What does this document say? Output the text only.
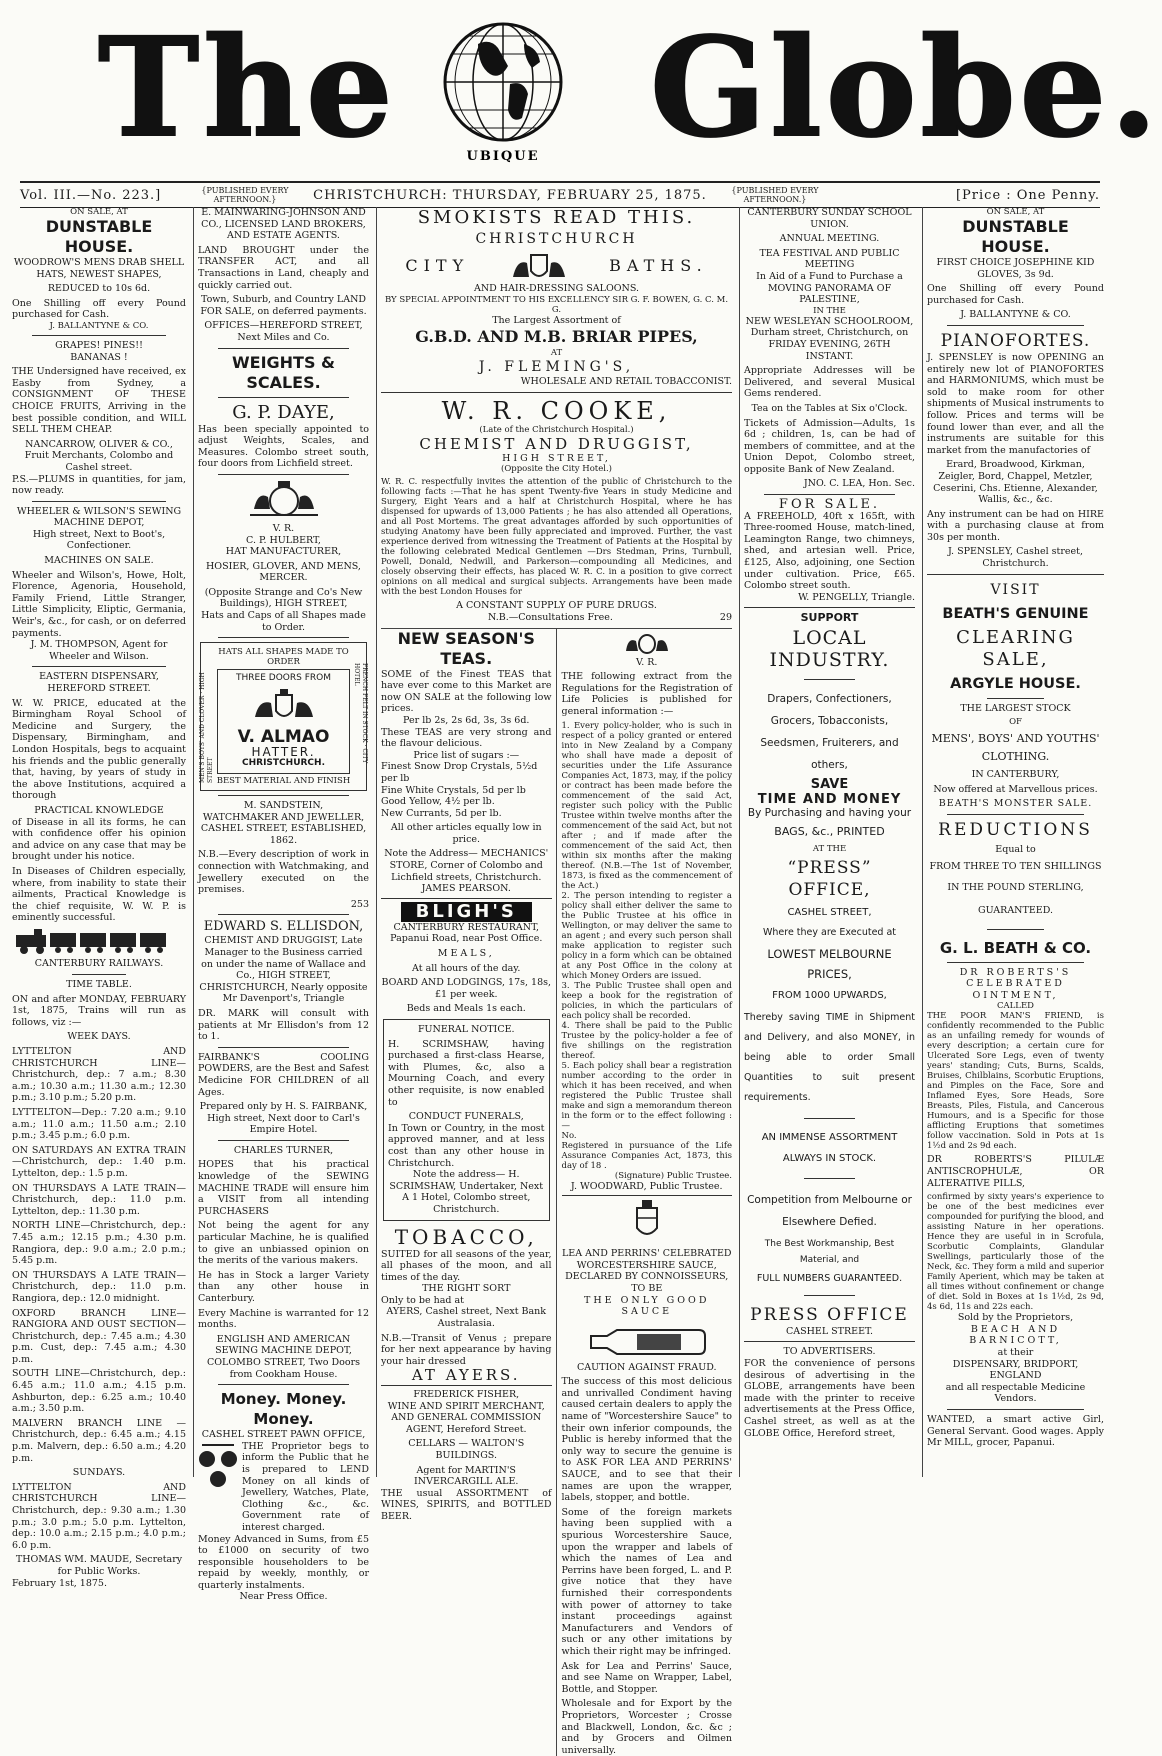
The	UBIQUE Globe.
Vol. III.—No. 223.]	{PUBLISHED EVERY AFTERNOON.}	CHRISTCHURCH: THURSDAY, FEBRUARY 25, 1875.	{PUBLISHED EVERY AFTERNOON.}	[Price : One Penny.
ON SALE, AT
DUNSTABLE HOUSE.
WOODROW'S MENS DRAB SHELL HATS, NEWEST SHAPES,
REDUCED to 10s 6d.
One Shilling off every Pound purchased for Cash.
J. BALLANTYNE & CO.
GRAPES! PINES!!
BANANAS !
THE Undersigned have received, ex Easby from Sydney, a CONSIGNMENT OF THESE CHOICE FRUITS, Arriving in the best possible condition, and WILL SELL THEM CHEAP.
NANCARROW, OLIVER & CO., Fruit Merchants, Colombo and Cashel street.
P.S.—PLUMS in quantities, for jam, now ready.
WHEELER & WILSON'S SEWING MACHINE DEPOT,
High street, Next to Boot's, Confectioner.
MACHINES ON SALE.
Wheeler and Wilson's, Howe, Holt, Florence, Agenoria, Household, Family Friend, Little Stranger, Little Simplicity, Eliptic, Germania, Weir's, &c., for cash, or on deferred payments.
J. M. THOMPSON, Agent for Wheeler and Wilson.
EASTERN DISPENSARY, HEREFORD STREET.
W. W. PRICE, educated at the Birmingham Royal School of Medicine and Surgery, the Dispensary, Birmingham, and London Hospitals, begs to acquaint his friends and the public generally that, having, by years of study in the above Institutions, acquired a thorough
PRACTICAL KNOWLEDGE
of Disease in all its forms, he can with confidence offer his opinion and advice on any case that may be brought under his notice.
In Diseases of Children especially, where, from inability to state their ailments, Practical Knowledge is the chief requisite, W. W. P. is eminently successful.
CANTERBURY RAILWAYS.
TIME TABLE.
ON and after MONDAY, FEBRUARY 1st, 1875, Trains will run as follows, viz :—
WEEK DAYS.
LYTTELTON AND CHRISTCHURCH LINE—Christchurch, dep.: 7 a.m.; 8.30 a.m.; 10.30 a.m.; 11.30 a.m.; 12.30 p.m.; 3.10 p.m.; 5.20 p.m.
LYTTELTON—Dep.: 7.20 a.m.; 9.10 a.m.; 11.0 a.m.; 11.50 a.m.; 2.10 p.m.; 3.45 p.m.; 6.0 p.m.
ON SATURDAYS AN EXTRA TRAIN—Christchurch, dep.: 1.40 p.m. Lyttelton, dep.: 1.5 p.m.
ON THURSDAYS A LATE TRAIN—Christchurch, dep.: 11.0 p.m. Lyttelton, dep.: 11.30 p.m.
NORTH LINE—Christchurch, dep.: 7.45 a.m.; 12.15 p.m.; 4.30 p.m. Rangiora, dep.: 9.0 a.m.; 2.0 p.m.; 5.45 p.m.
ON THURSDAYS A LATE TRAIN—Christchurch, dep.: 11.0 p.m. Rangiora, dep.: 12.0 midnight.
OXFORD BRANCH LINE—RANGIORA AND OUST SECTION—Christchurch, dep.: 7.45 a.m.; 4.30 p.m. Cust, dep.: 7.45 a.m.; 4.30 p.m.
SOUTH LINE—Christchurch, dep.: 6.45 a.m.; 11.0 a.m.; 4.15 p.m. Ashburton, dep.: 6.25 a.m.; 10.40 a.m.; 3.50 p.m.
MALVERN BRANCH LINE — Christchurch, dep.: 6.45 a.m.; 4.15 p.m. Malvern, dep.: 6.50 a.m.; 4.20 p.m.
SUNDAYS.
LYTTELTON AND CHRISTCHURCH LINE—Christchurch, dep.: 9.30 a.m.; 1.30 p.m.; 3.0 p.m.; 5.0 p.m. Lyttelton, dep.: 10.0 a.m.; 2.15 p.m.; 4.0 p.m.; 6.0 p.m.
THOMAS WM. MAUDE, Secretary for Public Works.
February 1st, 1875.
E. MAINWARING-JOHNSON AND CO., LICENSED LAND BROKERS, AND ESTATE AGENTS.
LAND BROUGHT under the TRANSFER ACT, and all Transactions in Land, cheaply and quickly carried out.
Town, Suburb, and Country LAND FOR SALE, on deferred payments.
OFFICES—HEREFORD STREET, Next Miles and Co.
WEIGHTS & SCALES.
G. P. DAYE,
Has been specially appointed to adjust Weights, Scales, and Measures. Colombo street south, four doors from Lichfield street.
V. R.
C. P. HULBERT,
HAT MANUFACTURER,
HOSIER, GLOVER, AND MENS, MERCER.
(Opposite Strange and Co's New Buildings), HIGH STREET,
Hats and Caps of all Shapes made to Order.
HATS ALL SHAPES MADE TO ORDER
THREE DOORS FROM
V. ALMAO
HATTER.
CHRISTCHURCH.
BEST MATERIAL AND FINISH
MEN'S BOYS' AND CLOVER · HIGH STREET
FRENCH FELT IN STOCK · CITY HOTEL
M. SANDSTEIN,
WATCHMAKER AND JEWELLER, CASHEL STREET, ESTABLISHED, 1862.
N.B.—Every description of work in connection with Watchmaking, and Jewellery executed on the premises.
253
EDWARD S. ELLISDON,
CHEMIST AND DRUGGIST, Late Manager to the Business carried on under the name of Wallace and Co., HIGH STREET, CHRISTCHURCH, Nearly opposite Mr Davenport's, Triangle
DR. MARK will consult with patients at Mr Ellisdon's from 12 to 1.
FAIRBANK'S COOLING POWDERS, are the Best and Safest Medicine FOR CHILDREN of all Ages.
Prepared only by H. S. FAIRBANK, High street, Next door to Carl's Empire Hotel.
CHARLES TURNER,
HOPES that his practical knowledge of the SEWING MACHINE TRADE will ensure him a VISIT from all intending PURCHASERS
Not being the agent for any particular Machine, he is qualified to give an unbiassed opinion on the merits of the various makers.
He has in Stock a larger Variety than any other house in Canterbury.
Every Machine is warranted for 12 months.
ENGLISH AND AMERICAN SEWING MACHINE DEPOT, COLOMBO STREET, Two Doors from Cookham House.
Money. Money. Money.
CASHEL STREET PAWN OFFICE,
THE Proprietor begs to inform the Public that he is prepared to LEND Money on all kinds of Jewellery, Watches, Plate, Clothing &c., &c. Government rate of interest charged.
Money Advanced in Sums, from £5 to £1000 on security of two responsible householders to be repaid by weekly, monthly, or quarterly instalments.
Near Press Office.
SMOKISTS READ THIS.
CHRISTCHURCH
CITY	BATHS.
AND HAIR-DRESSING SALOONS.
BY SPECIAL APPOINTMENT TO HIS EXCELLENCY SIR G. F. BOWEN, G. C. M. G.
The Largest Assortment of
G.B.D. AND M.B. BRIAR PIPES,
AT
J. FLEMING'S,
WHOLESALE AND RETAIL TOBACCONIST.
W. R. COOKE,
(Late of the Christchurch Hospital.)
CHEMIST AND DRUGGIST,
HIGH STREET,
(Opposite the City Hotel.)
W. R. C. respectfully invites the attention of the public of Christchurch to the following facts :—That he has spent Twenty-five Years in study Medicine and Surgery, Eight Years and a half at Christchurch Hospital, where he has dispensed for upwards of 13,000 Patients ; he has also attended all Operations, and all Post Mortems. The great advantages afforded by such opportunities of studying Anatomy have been fully appreciated and improved. Further, the vast experience derived from witnessing the Treatment of Patients at the Hospital by the following celebrated Medical Gentlemen —Drs Stedman, Prins, Turnbull, Powell, Donald, Nedwill, and Parkerson—compounding all Medicines, and closely observing their effects, has placed W. R. C. in a position to give correct opinions on all medical and surgical subjects. Arrangements have been made with the best London Houses for
A CONSTANT SUPPLY OF PURE DRUGS.
N.B.—Consultations Free.	29
NEW SEASON'S TEAS.
SOME of the Finest TEAS that have ever come to this Market are now ON SALE at the following low prices.
Per lb 2s, 2s 6d, 3s, 3s 6d.
These TEAS are very strong and the flavour delicious.
Price list of sugars :—
Finest Snow Drop Crystals, 5½d per lb
Fine White Crystals, 5d per lb
Good Yellow, 4½ per lb.
New Currants, 5d per lb.
All other articles equally low in price.
Note the Address— MECHANICS' STORE, Corner of Colombo and Lichfield streets, Christchurch.
JAMES PEARSON.
BLIGH'S
CANTERBURY RESTAURANT,
Papanui Road, near Post Office.
MEALS,
At all hours of the day.
BOARD AND LODGINGS, 17s, 18s, £1 per week.
Beds and Meals 1s each.
FUNERAL NOTICE.
H. SCRIMSHAW, having purchased a first-class Hearse, with Plumes, &c, also a Mourning Coach, and every other requisite, is now enabled to
CONDUCT FUNERALS,
In Town or Country, in the most approved manner, and at less cost than any other house in Christchurch.
Note the address— H. SCRIMSHAW, Undertaker, Next A 1 Hotel, Colombo street, Christchurch.
TOBACCO,
SUITED for all seasons of the year, all phases of the moon, and all times of the day.
THE RIGHT SORT
Only to be had at
AYERS, Cashel street, Next Bank Australasia.
N.B.—Transit of Venus ; prepare for her next appearance by having your hair dressed
AT AYERS.
FREDERICK FISHER,
WINE AND SPIRIT MERCHANT, AND GENERAL COMMISSION AGENT, Hereford Street.
CELLARS — WALTON'S BUILDINGS.
Agent for MARTIN'S INVERCARGILL ALE.
THE usual ASSORTMENT of WINES, SPIRITS, and BOTTLED BEER.
V. R.
THE following extract from the Regulations for the Registration of Life Policies is published for general information :—
1. Every policy-holder, who is such in respect of a policy granted or entered into in New Zealand by a Company who shall have made a deposit of securities under the Life Assurance Companies Act, 1873, may, if the policy or contract has been made before the commencement of the said Act, register such policy with the Public Trustee within twelve months after the commencement of the said Act, but not after ; and if made after the commencement of the said Act, then within six months after the making thereof. (N.B.—The 1st of November, 1873, is fixed as the commencement of the Act.)
2. The person intending to register a policy shall either deliver the same to the Public Trustee at his office in Wellington, or may deliver the same to an agent ; and every such person shall make application to register such policy in a form which can be obtained at any Post Office in the colony at which Money Orders are issued.
3. The Public Trustee shall open and keep a book for the registration of policies, in which the particulars of each policy shall be recorded.
4. There shall be paid to the Public Trustee by the policy-holder a fee of five shillings on the registration thereof.
5. Each policy shall bear a registration number according to the order in which it has been received, and when registered the Public Trustee shall make and sign a memorandum thereon in the form or to the effect following :—
No.
Registered in pursuance of the Life Assurance Companies Act, 1873, this day of 18 .
(Signature) Public Trustee.
J. WOODWARD, Public Trustee.
LEA AND PERRINS' CELEBRATED
WORCESTERSHIRE SAUCE,
DECLARED BY CONNOISSEURS, TO BE
THE ONLY GOOD SAUCE
CAUTION AGAINST FRAUD.
The success of this most delicious and unrivalled Condiment having caused certain dealers to apply the name of "Worcestershire Sauce" to their own inferior compounds, the Public is hereby informed that the only way to secure the genuine is to ASK FOR LEA AND PERRINS' SAUCE, and to see that their names are upon the wrapper, labels, stopper, and bottle.
Some of the foreign markets having been supplied with a spurious Worcestershire Sauce, upon the wrapper and labels of which the names of Lea and Perrins have been forged, L. and P. give notice that they have furnished their correspondents with power of attorney to take instant proceedings against Manufacturers and Vendors of such or any other imitations by which their right may be infringed.
Ask for Lea and Perrins' Sauce, and see Name on Wrapper, Label, Bottle, and Stopper.
Wholesale and for Export by the Proprietors, Worcester ; Crosse and Blackwell, London, &c. &c ; and by Grocers and Oilmen universally.
CANTERBURY SUNDAY SCHOOL UNION.
ANNUAL MEETING.
TEA FESTIVAL AND PUBLIC MEETING
In Aid of a Fund to Purchase a
MOVING PANORAMA OF PALESTINE,
IN THE
NEW WESLEYAN SCHOOLROOM,
Durham street, Christchurch, on
FRIDAY EVENING, 26TH INSTANT.
Appropriate Addresses will be Delivered, and several Musical Gems rendered.
Tea on the Tables at Six o'Clock.
Tickets of Admission—Adults, 1s 6d ; children, 1s, can be had of members of committee, and at the Union Depot, Colombo street, opposite Bank of New Zealand.
JNO. C. LEA, Hon. Sec.
FOR SALE.
A FREEHOLD, 40ft x 165ft, with Three-roomed House, match-lined, Leamington Range, two chimneys, shed, and artesian well. Price, £125, Also, adjoining, one Section under cultivation. Price, £65. Colombo street south.
W. PENGELLY, Triangle.
SUPPORT
LOCAL INDUSTRY.
Drapers, Confectioners, Grocers, Tobacconists, Seedsmen, Fruiterers, and others,
SAVE
TIME AND MONEY
By Purchasing and having your
BAGS, &c., PRINTED
AT THE
“PRESS” OFFICE,
CASHEL STREET,
Where they are Executed at
LOWEST MELBOURNE PRICES,
FROM 1000 UPWARDS,
Thereby saving TIME in Shipment and Delivery, and also MONEY, in being able to order Small Quantities to suit present requirements.
AN IMMENSE ASSORTMENT
ALWAYS IN STOCK.
Competition from Melbourne or Elsewhere Defied.
The Best Workmanship, Best Material, and
FULL NUMBERS GUARANTEED.
PRESS OFFICE
CASHEL STREET.
TO ADVERTISERS.
FOR the convenience of persons desirous of advertising in the GLOBE, arrangements have been made with the printer to receive advertisements at the Press Office, Cashel street, as well as at the GLOBE Office, Hereford street,
ON SALE, AT
DUNSTABLE HOUSE.
FIRST CHOICE JOSEPHINE KID GLOVES, 3s 9d.
One Shilling off every Pound purchased for Cash.
J. BALLANTYNE & CO.
PIANOFORTES.
J. SPENSLEY is now OPENING an entirely new lot of PIANOFORTES and HARMONIUMS, which must be sold to make room for other shipments of Musical instruments to follow. Prices and terms will be found lower than ever, and all the instruments are suitable for this market from the manufactories of
Erard, Broadwood, Kirkman, Zeigler, Bord, Chappel, Metzler, Ceserini, Chs. Etienne, Alexander, Wallis, &c., &c.
Any instrument can be had on HIRE with a purchasing clause at from 30s per month.
J. SPENSLEY, Cashel street, Christchurch.
VISIT
BEATH'S GENUINE
CLEARING SALE,
ARGYLE HOUSE.
THE LARGEST STOCK
OF
MENS', BOYS' AND YOUTHS' CLOTHING.
IN CANTERBURY,
Now offered at Marvellous prices.
BEATH'S MONSTER SALE.
REDUCTIONS
Equal to
FROM THREE TO TEN SHILLINGS
IN THE POUND STERLING,
GUARANTEED.
G. L. BEATH & CO.
DR ROBERTS'S CELEBRATED OINTMENT,
CALLED
THE POOR MAN'S FRIEND, is confidently recommended to the Public as an unfailing remedy for wounds of every description; a certain cure for Ulcerated Sore Legs, even of twenty years' standing; Cuts, Burns, Scalds, Bruises, Chilblains, Scorbutic Eruptions, and Pimples on the Face, Sore and Inflamed Eyes, Sore Heads, Sore Breasts, Piles, Fistula, and Cancerous Humours, and is a Specific for those afflicting Eruptions that sometimes follow vaccination. Sold in Pots at 1s 1½d and 2s 9d each.
DR ROBERTS'S PILULÆ ANTISCROPHULÆ, OR ALTERATIVE PILLS,
confirmed by sixty years's experience to be one of the best medicines ever compounded for purifying the blood, and assisting Nature in her operations. Hence they are useful in in Scrofula, Scorbutic Complaints, Glandular Swellings, particularly those of the Neck, &c. They form a mild and superior Family Aperient, which may be taken at all times without confinement or change of diet. Sold in Boxes at 1s 1½d, 2s 9d, 4s 6d, 11s and 22s each.
Sold by the Proprietors,
BEACH AND BARNICOTT,
at their
DISPENSARY, BRIDPORT, ENGLAND
and all respectable Medicine Vendors.
WANTED, a smart active Girl, General Servant. Good wages. Apply Mr MILL, grocer, Papanui.
